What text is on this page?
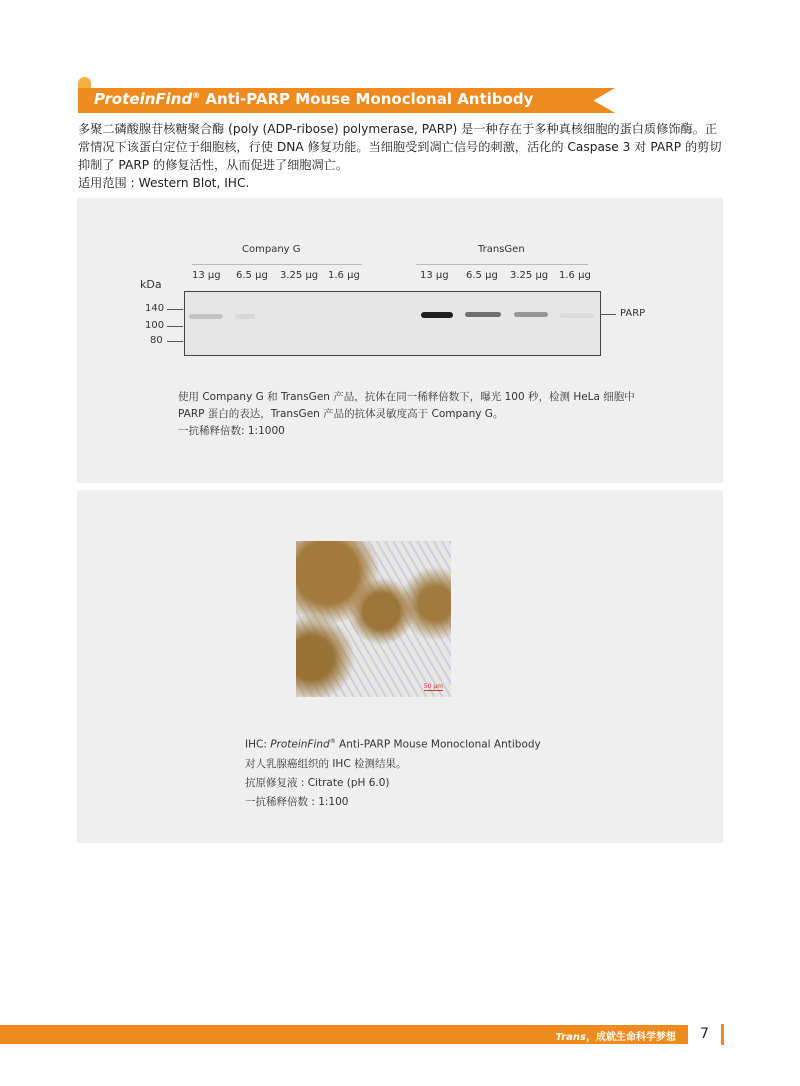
ProteinFind® Anti-PARP Mouse Monoclonal Antibody
多聚二磷酸腺苷核糖聚合酶 (poly (ADP-ribose) polymerase, PARP) 是一种存在于多种真核细胞的蛋白质修饰酶。正常情况下该蛋白定位于细胞核，行使 DNA 修复功能。当细胞受到凋亡信号的刺激，活化的 Caspase 3 对 PARP 的剪切抑制了 PARP 的修复活性，从而促进了细胞凋亡。
适用范围 : Western Blot, IHC.
Company G	TransGen
kDa
13 μg 6.5 μg 3.25 μg 1.6 μg	13 μg 6.5 μg 3.25 μg 1.6 μg
140
100
80
PARP
使用 Company G 和 TransGen 产品，抗体在同一稀释倍数下，曝光 100 秒，检测 HeLa 细胞中
PARP 蛋白的表达，TransGen 产品的抗体灵敏度高于 Company G。
一抗稀释倍数: 1:1000
50 μm
IHC: ProteinFind® Anti-PARP Mouse Monoclonal Antibody
对人乳腺癌组织的 IHC 检测结果。
抗原修复液 : Citrate (pH 6.0)
一抗稀释倍数 : 1:100
Trans，成就生命科学梦想 7
